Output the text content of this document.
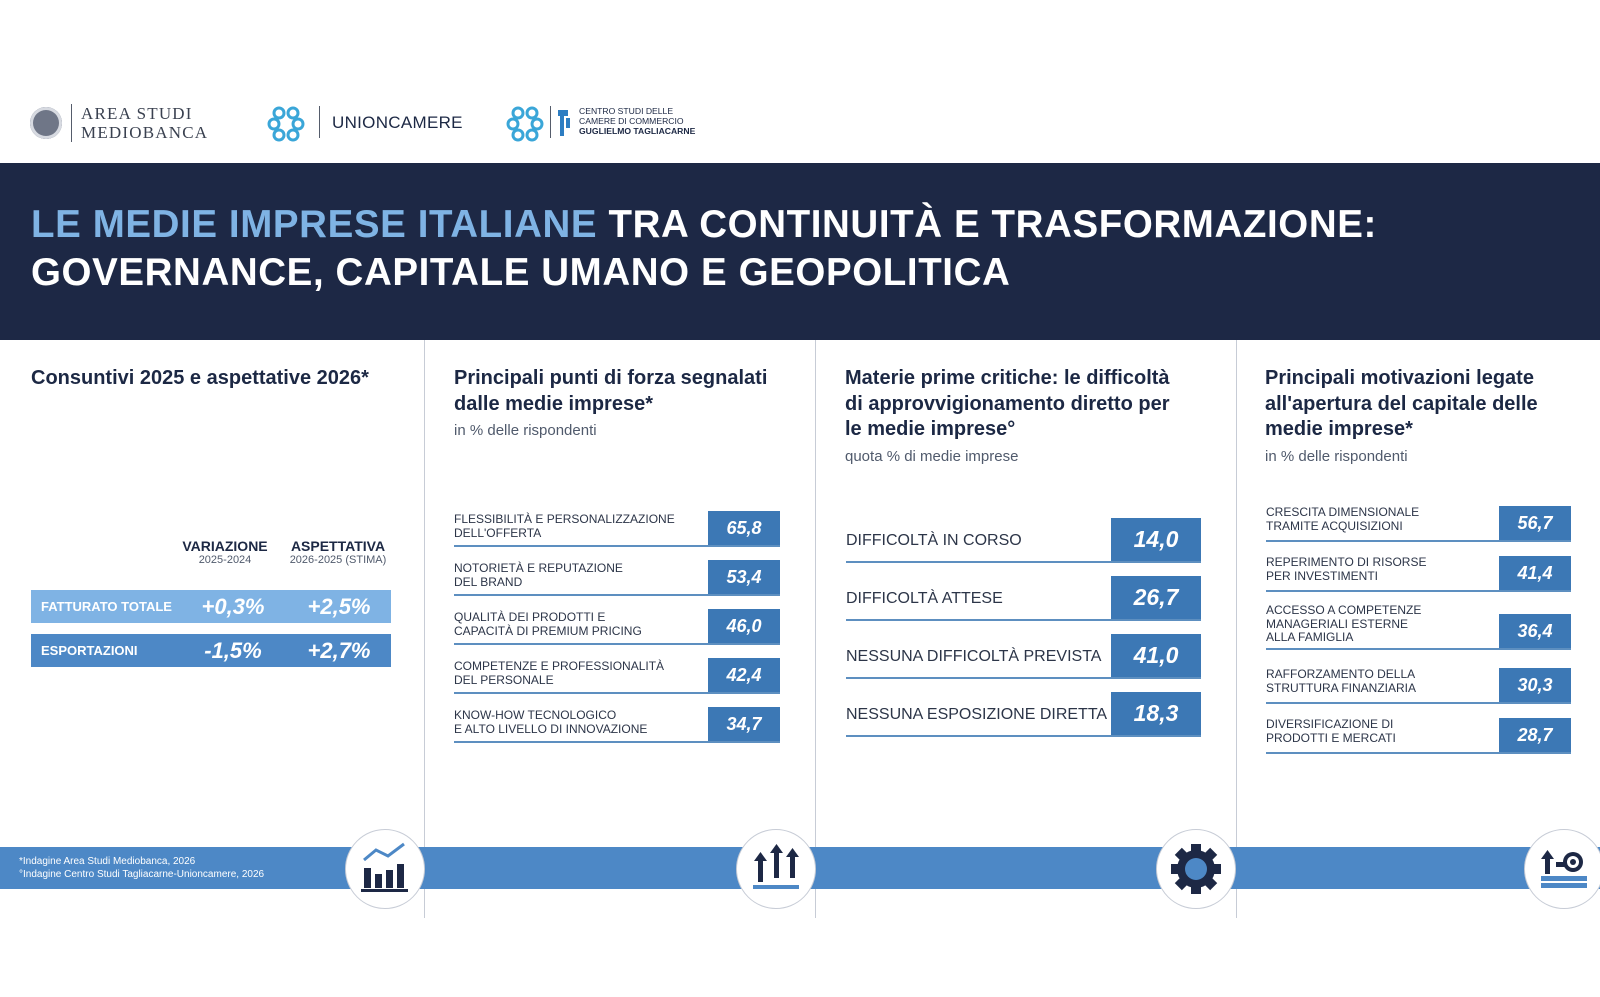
AREA STUDI
MEDIOBANCA
UNIONCAMERE
CENTRO STUDI DELLE
CAMERE DI COMMERCIO
GUGLIELMO TAGLIACARNE
LE MEDIE IMPRESE ITALIANE TRA CONTINUITÀ E TRASFORMAZIONE:
GOVERNANCE, CAPITALE UMANO E GEOPOLITICA
Consuntivi 2025 e aspettative 2026*
VARIAZIONE
2025-2024
ASPETTATIVA
2026-2025 (STIMA)
FATTURATO TOTALE	+0,3%	+2,5%
ESPORTAZIONI	-1,5%	+2,7%
Principali punti di forza segnalati
dalle medie imprese*
in % delle rispondenti
FLESSIBILITÀ E PERSONALIZZAZIONE
DELL'OFFERTA	65,8
NOTORIETÀ E REPUTAZIONE
DEL BRAND	53,4
QUALITÀ DEI PRODOTTI E
CAPACITÀ DI PREMIUM PRICING	46,0
COMPETENZE E PROFESSIONALITÀ
DEL PERSONALE	42,4
KNOW-HOW TECNOLOGICO
E ALTO LIVELLO DI INNOVAZIONE	34,7
Materie prime critiche: le difficoltà
di approvvigionamento diretto per
le medie imprese°
quota % di medie imprese
DIFFICOLTÀ IN CORSO	14,0
DIFFICOLTÀ ATTESE	26,7
NESSUNA DIFFICOLTÀ PREVISTA	41,0
NESSUNA ESPOSIZIONE DIRETTA	18,3
Principali motivazioni legate
all'apertura del capitale delle
medie imprese*
in % delle rispondenti
CRESCITA DIMENSIONALE
TRAMITE ACQUISIZIONI	56,7
REPERIMENTO DI RISORSE
PER INVESTIMENTI	41,4
ACCESSO A COMPETENZE
MANAGERIALI ESTERNE
ALLA FAMIGLIA	36,4
RAFFORZAMENTO DELLA
STRUTTURA FINANZIARIA	30,3
DIVERSIFICAZIONE DI
PRODOTTI E MERCATI	28,7
*Indagine Area Studi Mediobanca, 2026
°Indagine Centro Studi Tagliacarne-Unioncamere, 2026
